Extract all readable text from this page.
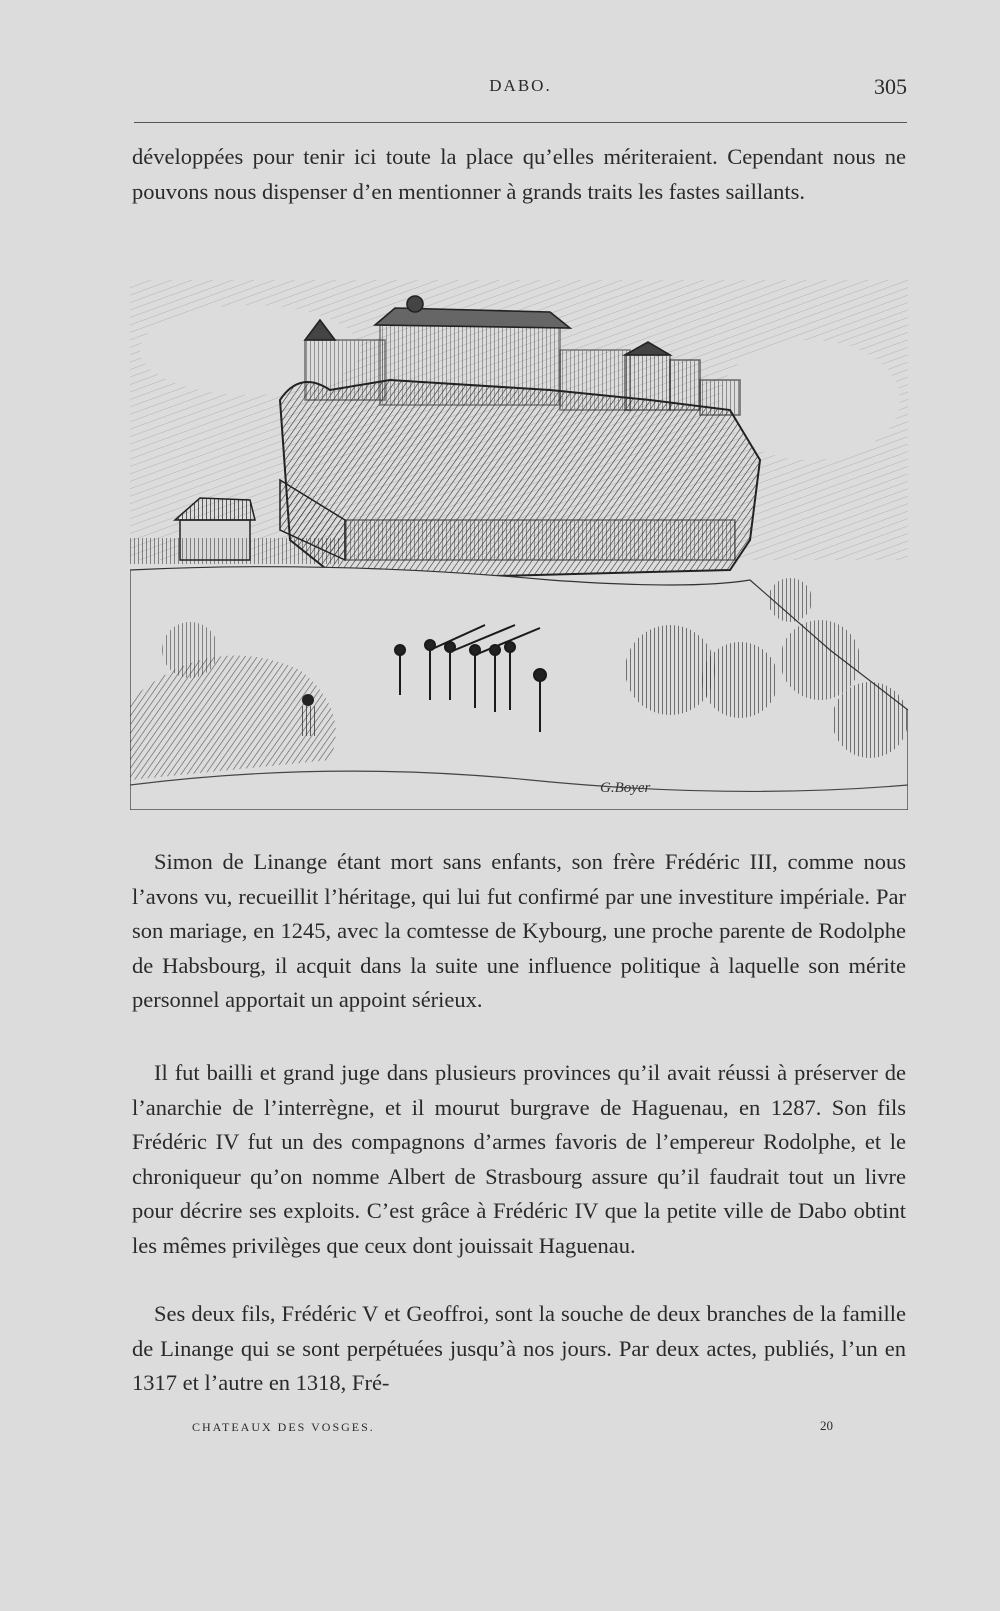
DABO.	305

développées pour tenir ici toute la place qu’elles mériteraient. Cependant nous ne pouvons nous dispenser d’en mentionner à grands traits les fastes saillants.

G.Boyer

Simon de Linange étant mort sans enfants, son frère Frédéric III, comme nous l’avons vu, recueillit l’héritage, qui lui fut confirmé par une investiture impériale. Par son mariage, en 1245, avec la comtesse de Kybourg, une proche parente de Rodolphe de Habsbourg, il acquit dans la suite une influence politique à laquelle son mérite personnel apportait un appoint sérieux.

Il fut bailli et grand juge dans plusieurs provinces qu’il avait réussi à préserver de l’anarchie de l’interrègne, et il mourut burgrave de Haguenau, en 1287. Son fils Frédéric IV fut un des compagnons d’armes favoris de l’empereur Rodolphe, et le chroniqueur qu’on nomme Albert de Strasbourg assure qu’il faudrait tout un livre pour décrire ses exploits. C’est grâce à Frédéric IV que la petite ville de Dabo obtint les mêmes privilèges que ceux dont jouissait Haguenau.

Ses deux fils, Frédéric V et Geoffroi, sont la souche de deux branches de la famille de Linange qui se sont perpétuées jusqu’à nos jours. Par deux actes, publiés, l’un en 1317 et l’autre en 1318, Fré-

CHATEAUX DES VOSGES.	20
